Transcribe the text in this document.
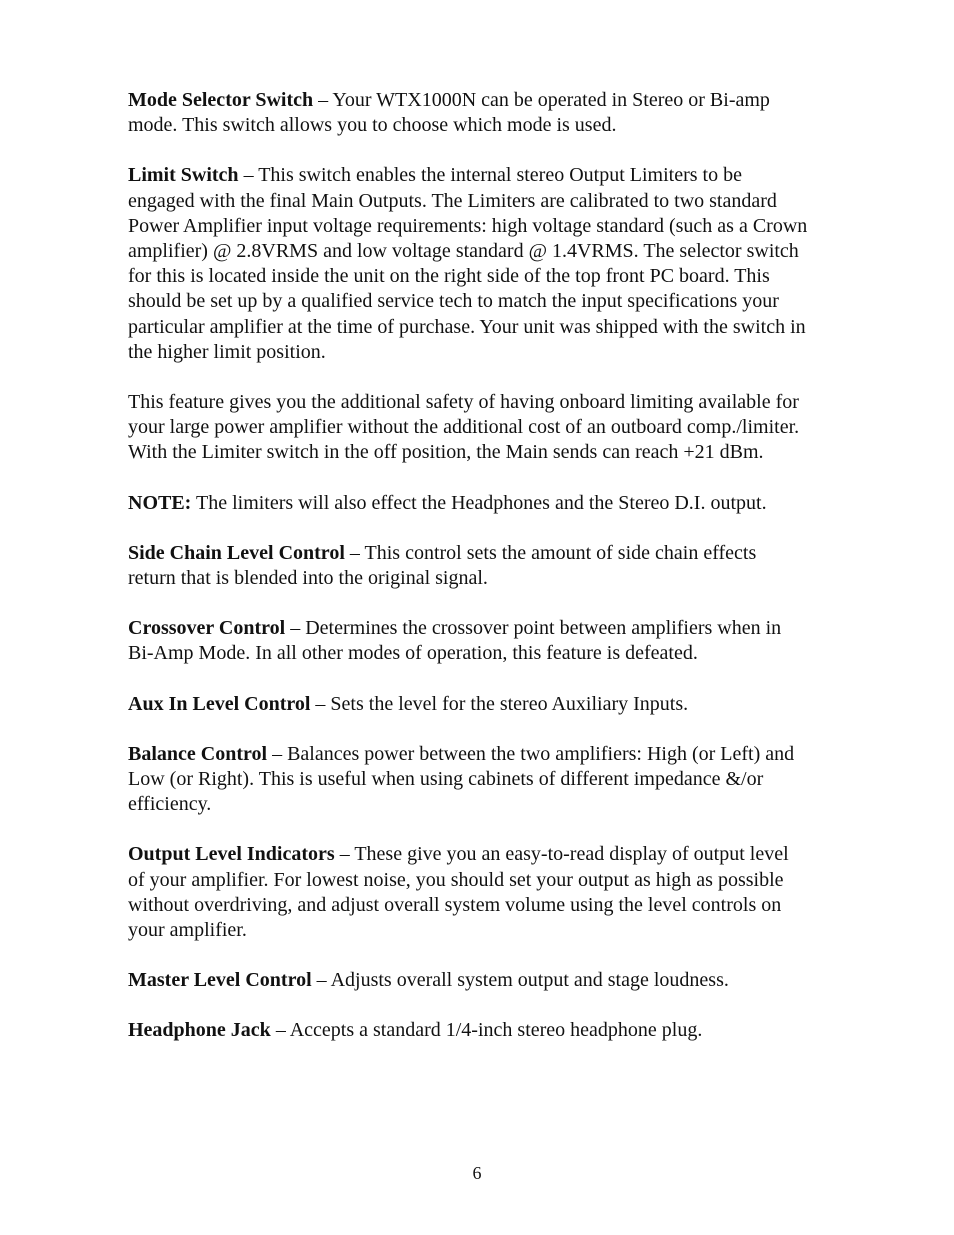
Mode Selector Switch – Your WTX1000N can be operated in Stereo or Bi-amp mode. This switch allows you to choose which mode is used.

Limit Switch – This switch enables the internal stereo Output Limiters to be engaged with the final Main Outputs. The Limiters are calibrated to two standard Power Amplifier input voltage requirements: high voltage standard (such as a Crown amplifier) @ 2.8VRMS and low voltage standard @ 1.4VRMS. The selector switch for this is located inside the unit on the right side of the top front PC board. This should be set up by a qualified service tech to match the input specifications your particular amplifier at the time of purchase. Your unit was shipped with the switch in the higher limit position.

This feature gives you the additional safety of having onboard limiting available for your large power amplifier without the additional cost of an outboard comp./limiter. With the Limiter switch in the off position, the Main sends can reach +21 dBm.

NOTE: The limiters will also effect the Headphones and the Stereo D.I. output.

Side Chain Level Control – This control sets the amount of side chain effects return that is blended into the original signal.

Crossover Control – Determines the crossover point between amplifiers when in Bi-Amp Mode. In all other modes of operation, this feature is defeated.

Aux In Level Control – Sets the level for the stereo Auxiliary Inputs.

Balance Control – Balances power between the two amplifiers: High (or Left) and Low (or Right). This is useful when using cabinets of different impedance &/or efficiency.

Output Level Indicators – These give you an easy-to-read display of output level of your amplifier. For lowest noise, you should set your output as high as possible without overdriving, and adjust overall system volume using the level controls on your amplifier.

Master Level Control – Adjusts overall system output and stage loudness.

Headphone Jack – Accepts a standard 1/4-inch stereo headphone plug.

6
